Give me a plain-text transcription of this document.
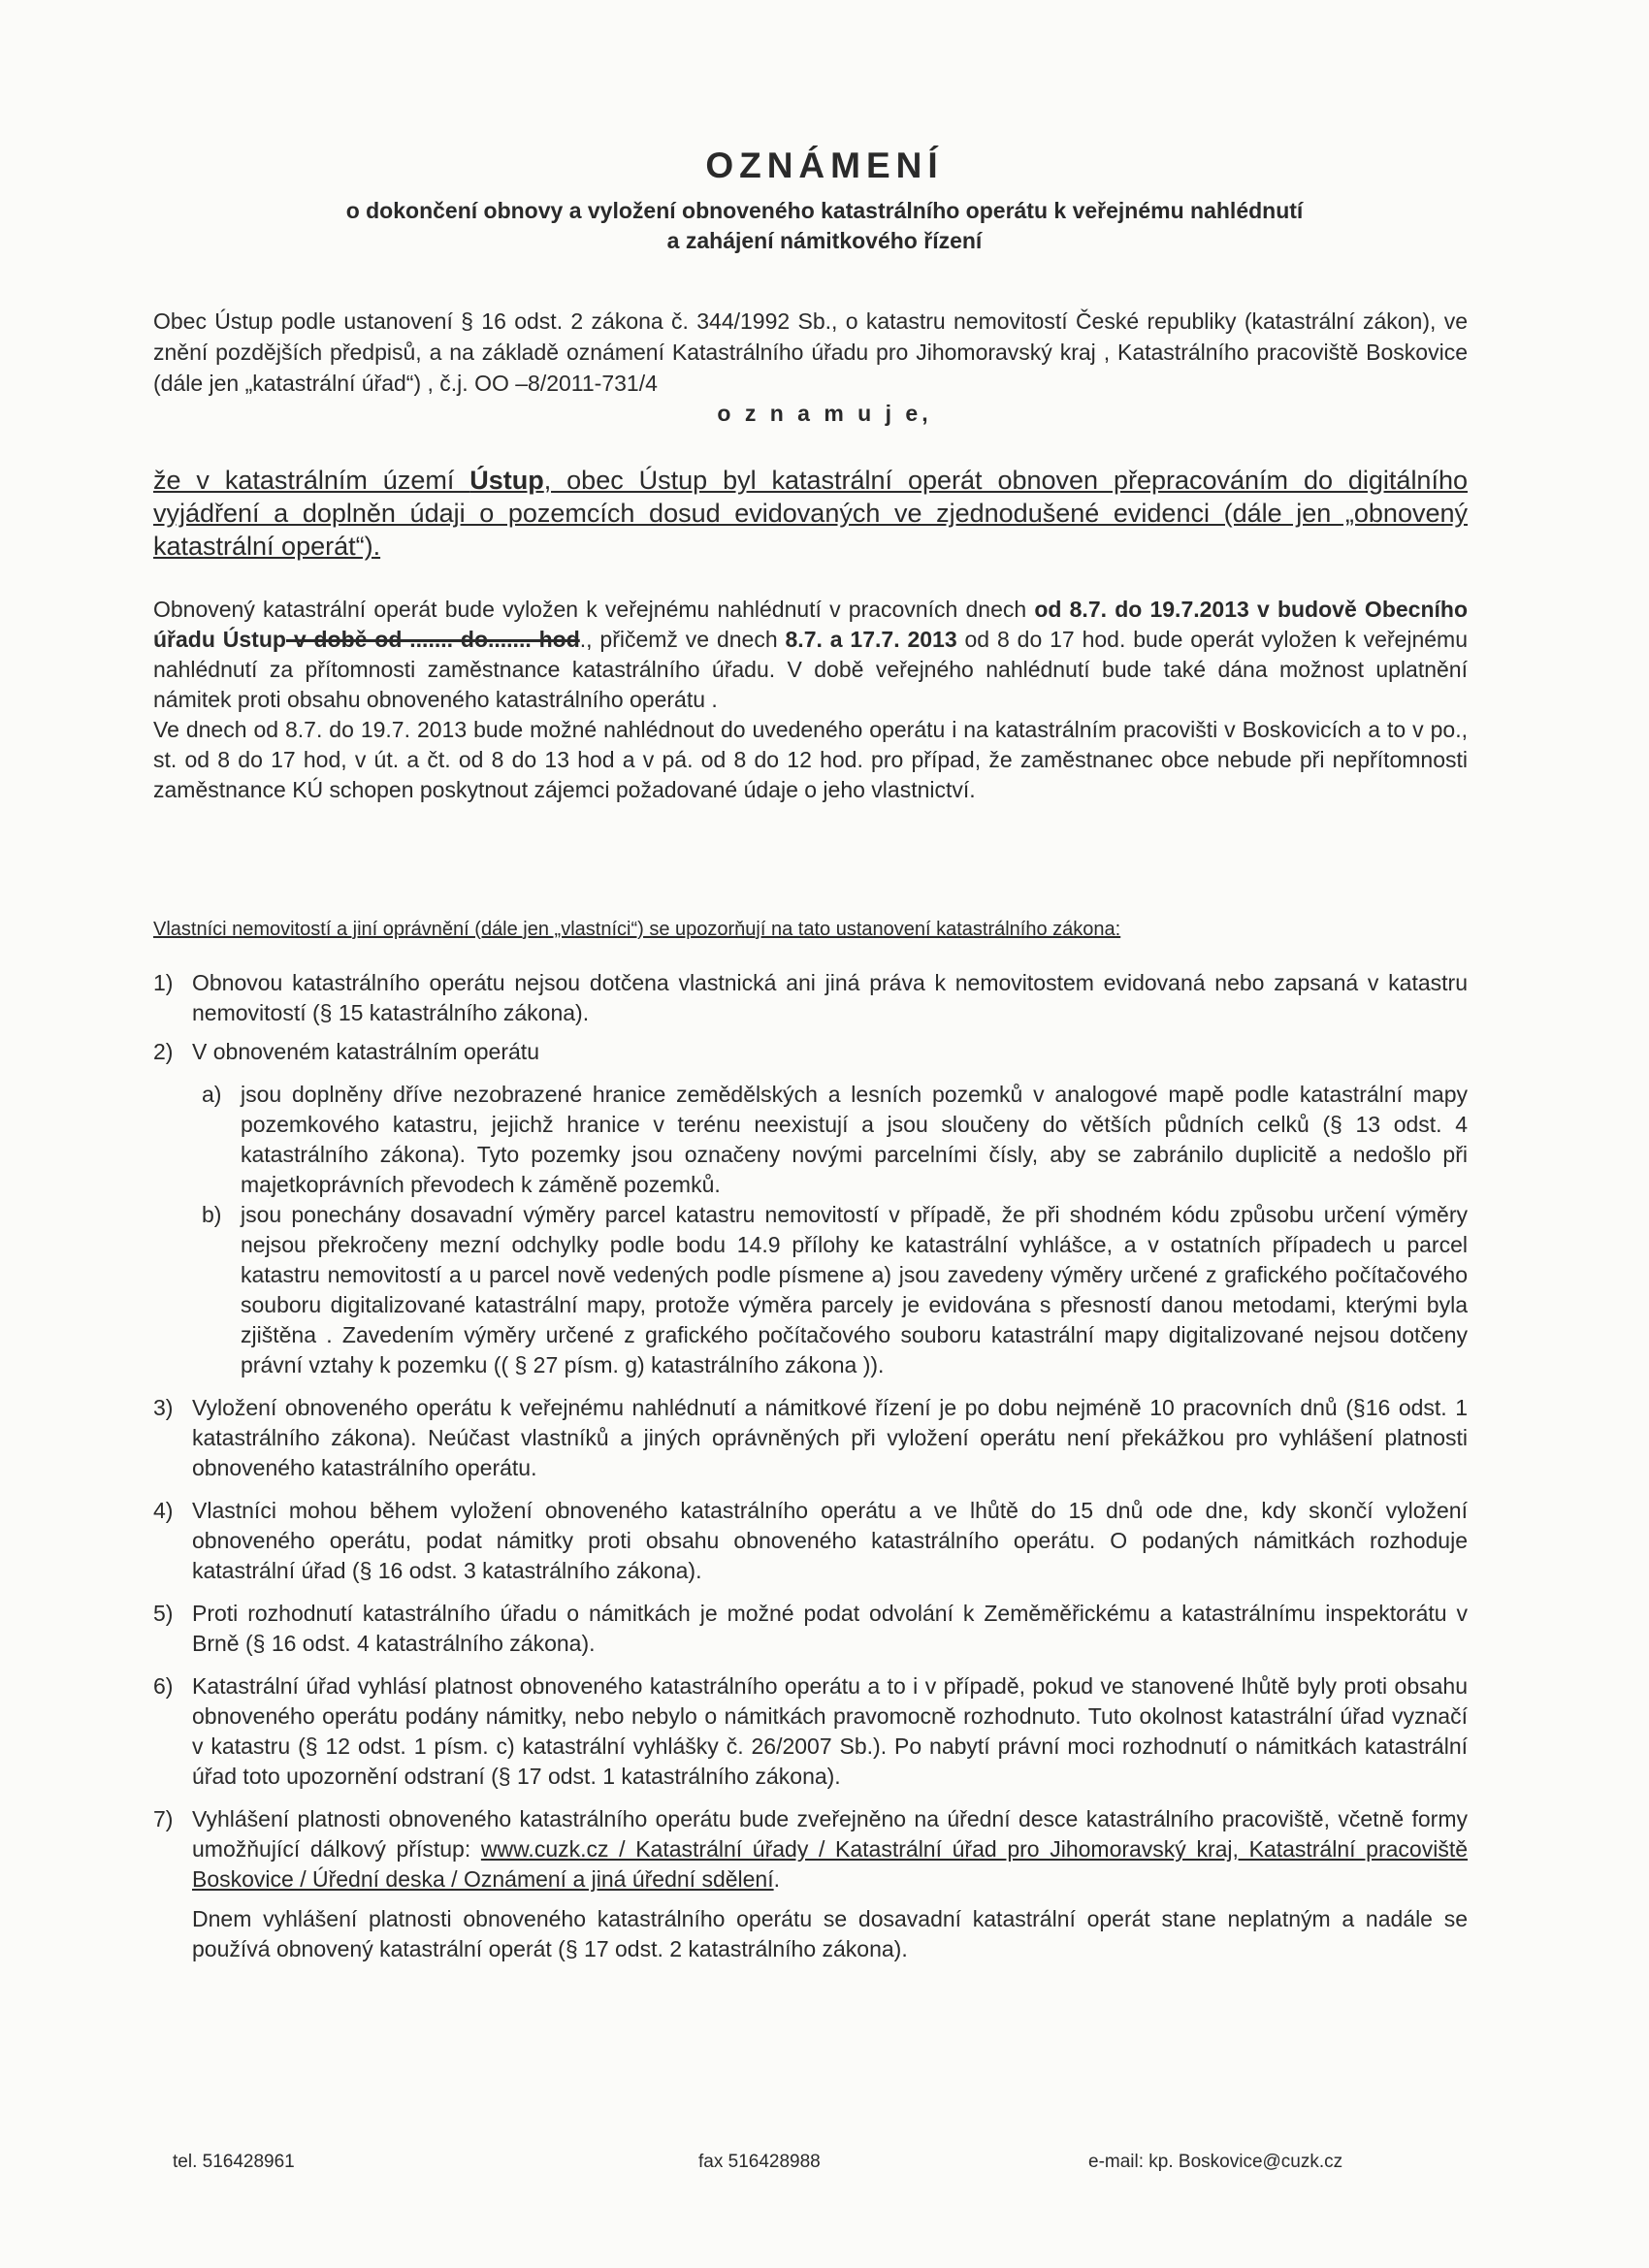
OZNÁMENÍ
o dokončení obnovy a vyložení obnoveného katastrálního operátu k veřejnému nahlédnutí
a zahájení námitkového řízení
Obec Ústup podle ustanovení § 16 odst. 2 zákona č. 344/1992 Sb., o katastru nemovitostí České republiky (katastrální zákon), ve znění pozdějších předpisů, a na základě oznámení Katastrálního úřadu pro Jihomoravský kraj , Katastrálního pracoviště Boskovice (dále jen „katastrální úřad“) , č.j. OO –8/2011-731/4
o z n a m u j e,
že v katastrálním území Ústup, obec Ústup byl katastrální operát obnoven přepracováním do digitálního vyjádření a doplněn údaji o pozemcích dosud evidovaných ve zjednodušené evidenci (dále jen „obnovený katastrální operát“).
Obnovený katastrální operát bude vyložen k veřejnému nahlédnutí v pracovních dnech od 8.7. do 19.7.2013 v budově Obecního úřadu Ústup v době od ....... do....... hod., přičemž ve dnech 8.7. a 17.7. 2013 od 8 do 17 hod. bude operát vyložen k veřejnému nahlédnutí za přítomnosti zaměstnance katastrálního úřadu. V době veřejného nahlédnutí bude také dána možnost uplatnění námitek proti obsahu obnoveného katastrálního operátu .
Ve dnech od 8.7. do 19.7. 2013 bude možné nahlédnout do uvedeného operátu i na katastrálním pracovišti v Boskovicích a to v po., st. od 8 do 17 hod, v út. a čt. od 8 do 13 hod a v pá. od 8 do 12 hod. pro případ, že zaměstnanec obce nebude při nepřítomnosti zaměstnance KÚ schopen poskytnout zájemci požadované údaje o jeho vlastnictví.
Vlastníci nemovitostí a jiní oprávnění (dále jen „vlastníci“) se upozorňují na tato ustanovení katastrálního zákona:
1) Obnovou katastrálního operátu nejsou dotčena vlastnická ani jiná práva k nemovitostem evidovaná nebo zapsaná v katastru nemovitostí (§ 15 katastrálního zákona).
2) V obnoveném katastrálním operátu
a) jsou doplněny dříve nezobrazené hranice zemědělských a lesních pozemků v analogové mapě podle katastrální mapy pozemkového katastru, jejichž hranice v terénu neexistují a jsou sloučeny do větších půdních celků (§ 13 odst. 4 katastrálního zákona). Tyto pozemky jsou označeny novými parcelními čísly, aby se zabránilo duplicitě a nedošlo při majetkoprávních převodech k záměně pozemků.
b) jsou ponechány dosavadní výměry parcel katastru nemovitostí v případě, že při shodném kódu způsobu určení výměry nejsou překročeny mezní odchylky podle bodu 14.9 přílohy ke katastrální vyhlášce, a v ostatních případech u parcel katastru nemovitostí a u parcel nově vedených podle písmene a) jsou zavedeny výměry určené z grafického počítačového souboru digitalizované katastrální mapy, protože výměra parcely je evidována s přesností danou metodami, kterými byla zjištěna . Zavedením výměry určené z grafického počítačového souboru katastrální mapy digitalizované nejsou dotčeny právní vztahy k pozemku (( § 27 písm. g) katastrálního zákona )).
3) Vyložení obnoveného operátu k veřejnému nahlédnutí a námitkové řízení je po dobu nejméně 10 pracovních dnů (§16 odst. 1 katastrálního zákona). Neúčast vlastníků a jiných oprávněných při vyložení operátu není překážkou pro vyhlášení platnosti obnoveného katastrálního operátu.
4) Vlastníci mohou během vyložení obnoveného katastrálního operátu a ve lhůtě do 15 dnů ode dne, kdy skončí vyložení obnoveného operátu, podat námitky proti obsahu obnoveného katastrálního operátu. O podaných námitkách rozhoduje katastrální úřad (§ 16 odst. 3 katastrálního zákona).
5) Proti rozhodnutí katastrálního úřadu o námitkách je možné podat odvolání k Zeměměřickému a katastrálnímu inspektorátu v Brně (§ 16 odst. 4 katastrálního zákona).
6) Katastrální úřad vyhlásí platnost obnoveného katastrálního operátu a to i v případě, pokud ve stanovené lhůtě byly proti obsahu obnoveného operátu podány námitky, nebo nebylo o námitkách pravomocně rozhodnuto. Tuto okolnost katastrální úřad vyznačí v katastru (§ 12 odst. 1 písm. c) katastrální vyhlášky č. 26/2007 Sb.). Po nabytí právní moci rozhodnutí o námitkách katastrální úřad toto upozornění odstraní (§ 17 odst. 1 katastrálního zákona).
7) Vyhlášení platnosti obnoveného katastrálního operátu bude zveřejněno na úřední desce katastrálního pracoviště, včetně formy umožňující dálkový přístup: www.cuzk.cz / Katastrální úřady / Katastrální úřad pro Jihomoravský kraj, Katastrální pracoviště Boskovice / Úřední deska / Oznámení a jiná úřední sdělení.
Dnem vyhlášení platnosti obnoveného katastrálního operátu se dosavadní katastrální operát stane neplatným a nadále se používá obnovený katastrální operát (§ 17 odst. 2 katastrálního zákona).
tel. 516428961	fax 516428988	e-mail: kp. Boskovice@cuzk.cz
